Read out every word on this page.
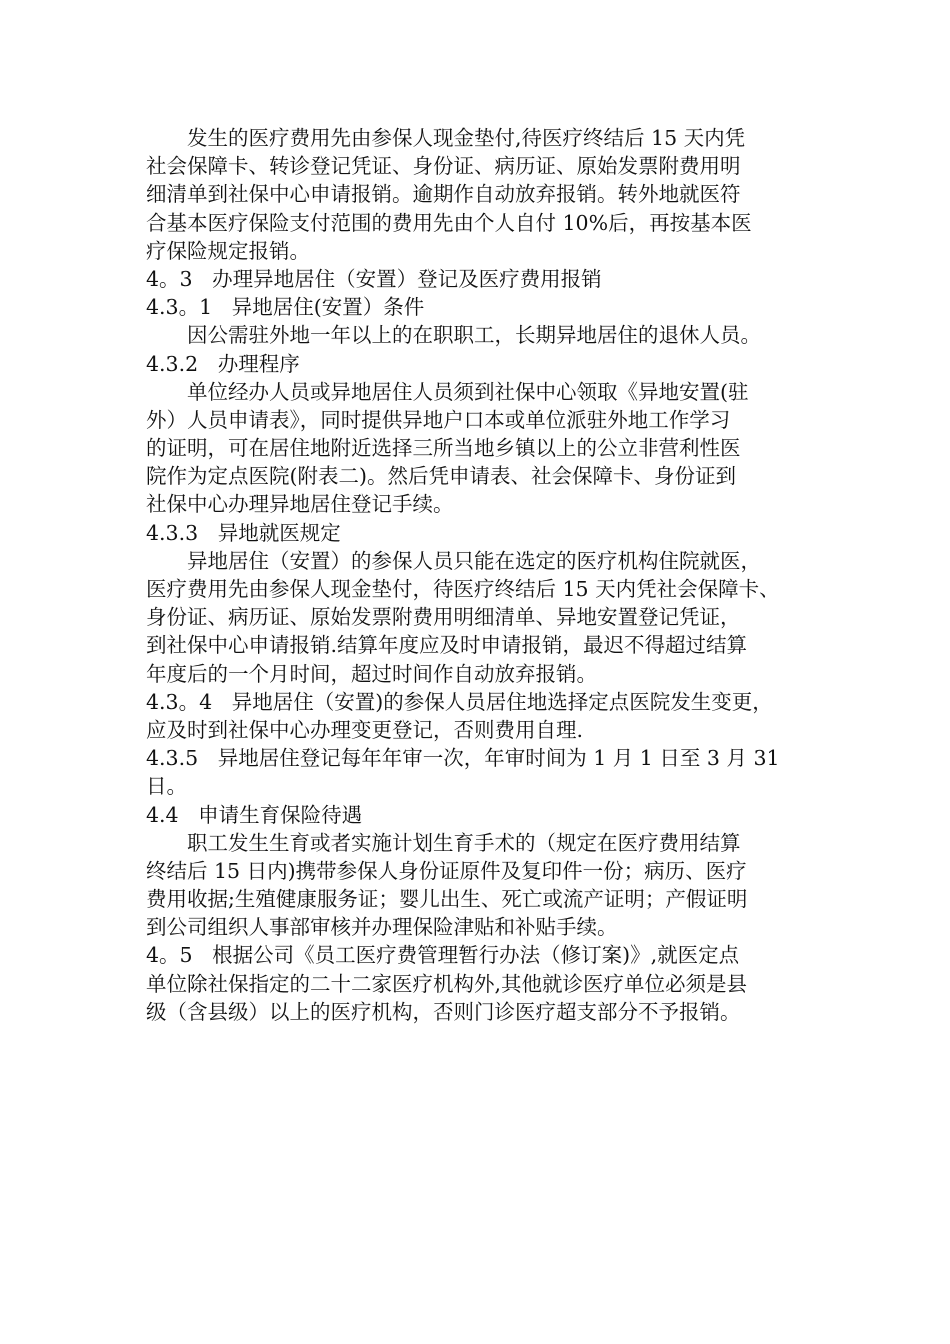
发生的医疗费用先由参保人现金垫付,待医疗终结后 15 天内凭
社会保障卡、转诊登记凭证、身份证、病历证、原始发票附费用明
细清单到社保中心申请报销。逾期作自动放弃报销。转外地就医符
合基本医疗保险支付范围的费用先由个人自付 10%后，再按基本医
疗保险规定报销。
4。3   办理异地居住（安置）登记及医疗费用报销
4.3。1   异地居住(安置）条件
因公需驻外地一年以上的在职职工，长期异地居住的退休人员。
4.3.2   办理程序
单位经办人员或异地居住人员须到社保中心领取《异地安置(驻
外）人员申请表》，同时提供异地户口本或单位派驻外地工作学习
的证明，可在居住地附近选择三所当地乡镇以上的公立非营利性医
院作为定点医院(附表二)。然后凭申请表、社会保障卡、身份证到
社保中心办理异地居住登记手续。
4.3.3   异地就医规定
异地居住（安置）的参保人员只能在选定的医疗机构住院就医，
医疗费用先由参保人现金垫付，待医疗终结后 15 天内凭社会保障卡、
身份证、病历证、原始发票附费用明细清单、异地安置登记凭证，
到社保中心申请报销.结算年度应及时申请报销，最迟不得超过结算
年度后的一个月时间，超过时间作自动放弃报销。
4.3。4   异地居住（安置)的参保人员居住地选择定点医院发生变更，
应及时到社保中心办理变更登记，否则费用自理.
4.3.5   异地居住登记每年年审一次，年审时间为 1 月 1 日至 3 月 31
日。
4.4   申请生育保险待遇
职工发生生育或者实施计划生育手术的（规定在医疗费用结算
终结后 15 日内)携带参保人身份证原件及复印件一份；病历、医疗
费用收据;生殖健康服务证；婴儿出生、死亡或流产证明；产假证明
到公司组织人事部审核并办理保险津贴和补贴手续。
4。5   根据公司《员工医疗费管理暂行办法（修订案)》,就医定点
单位除社保指定的二十二家医疗机构外,其他就诊医疗单位必须是县
级（含县级）以上的医疗机构，否则门诊医疗超支部分不予报销。
